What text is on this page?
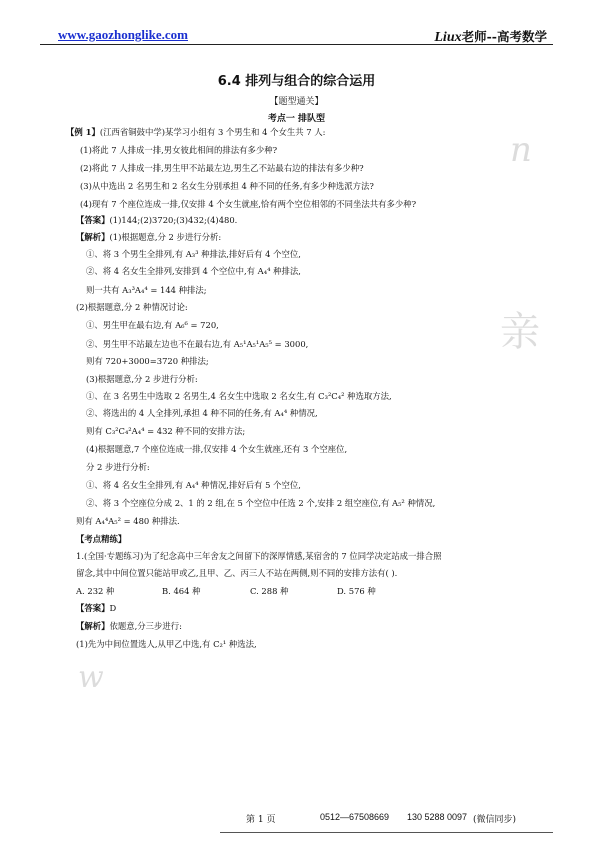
www.gaozhonglike.com	Liux老师--高考数学
n
亲
w
6.4 排列与组合的综合运用
【题型通关】
考点一 排队型
【例 1】(江西省铜鼓中学)某学习小组有 3 个男生和 4 个女生共 7 人:
(1)将此 7 人排成一排,男女彼此相间的排法有多少种?
(2)将此 7 人排成一排,男生甲不站最左边,男生乙不站最右边的排法有多少种?
(3)从中选出 2 名男生和 2 名女生分别承担 4 种不同的任务,有多少种选派方法?
(4)现有 7 个座位连成一排,仅安排 4 个女生就座,恰有两个空位相邻的不同坐法共有多少种?
【答案】(1)144;(2)3720;(3)432;(4)480.
【解析】(1)根据题意,分 2 步进行分析:
①、将 3 个男生全排列,有 A₃³ 种排法,排好后有 4 个空位,
②、将 4 名女生全排列,安排到 4 个空位中,有 A₄⁴ 种排法,
则一共有 A₃³A₄⁴ = 144 种排法;
(2)根据题意,分 2 种情况讨论:
①、男生甲在最右边,有 A₆⁶ = 720,
②、男生甲不站最左边也不在最右边,有 A₅¹A₅¹A₅⁵ = 3000,
则有 720+3000=3720 种排法;
(3)根据题意,分 2 步进行分析:
①、在 3 名男生中选取 2 名男生,4 名女生中选取 2 名女生,有 C₃²C₄² 种选取方法,
②、将选出的 4 人全排列,承担 4 种不同的任务,有 A₄⁴ 种情况,
则有 C₃²C₄²A₄⁴ = 432 种不同的安排方法;
(4)根据题意,7 个座位连成一排,仅安排 4 个女生就座,还有 3 个空座位,
分 2 步进行分析:
①、将 4 名女生全排列,有 A₄⁴ 种情况,排好后有 5 个空位,
②、将 3 个空座位分成 2、1 的 2 组,在 5 个空位中任选 2 个,安排 2 组空座位,有 A₅² 种情况,
则有 A₄⁴A₅² = 480 种排法.
【考点精练】
1.(全国·专题练习)为了纪念高中三年舍友之间留下的深厚情感,某宿舍的 7 位同学决定站成一排合照
留念,其中中间位置只能站甲或乙,且甲、乙、丙三人不站在两侧,则不同的安排方法有( ).
A. 232 种	B. 464 种	C. 288 种	D. 576 种
【答案】D
【解析】依题意,分三步进行:
(1)先为中间位置选人,从甲乙中选,有 C₂¹ 种选法,
第 1 页	0512—67508669 130 5288 0097 (微信同步)
